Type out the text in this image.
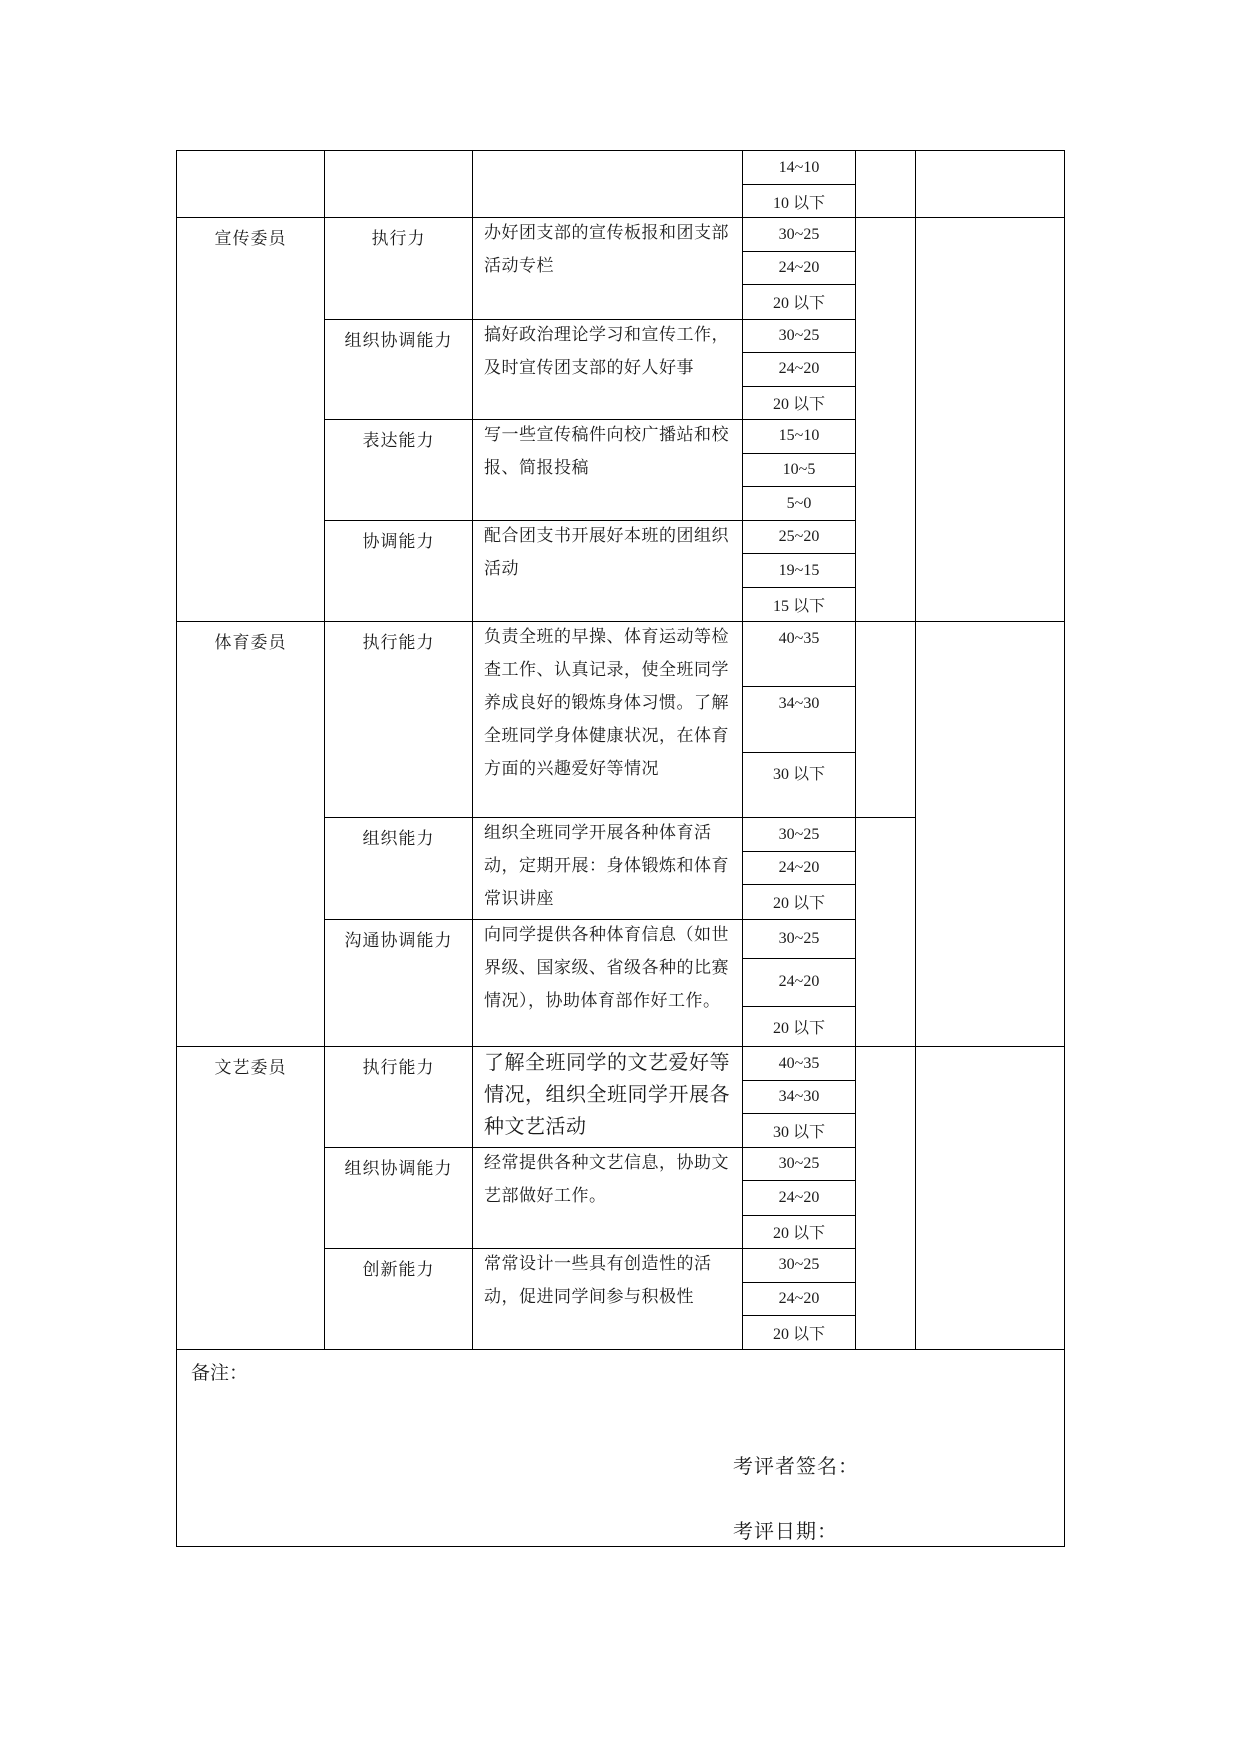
			14~10		
			10 以下		
宣传委员	执行力	办好团支部的宣传板报和团支部活动专栏	30~25		
			24~20		
			20 以下		
	组织协调能力	搞好政治理论学习和宣传工作，及时宣传团支部的好人好事	30~25		
			24~20		
			20 以下		
	表达能力	写一些宣传稿件向校广播站和校报、简报投稿	15~10		
			10~5		
			5~0		
	协调能力	配合团支书开展好本班的团组织活动	25~20		
			19~15		
			15 以下		
体育委员	执行能力	负责全班的早操、体育运动等检查工作、认真记录，使全班同学养成良好的锻炼身体习惯。了解全班同学身体健康状况，在体育方面的兴趣爱好等情况	40~35		
			34~30		
			30 以下		
	组织能力	组织全班同学开展各种体育活动，定期开展：身体锻炼和体育常识讲座	30~25		
			24~20		
			20 以下		
	沟通协调能力	向同学提供各种体育信息（如世界级、国家级、省级各种的比赛情况），协助体育部作好工作。	30~25		
			24~20		
			20 以下		
文艺委员	执行能力	了解全班同学的文艺爱好等情况，组织全班同学开展各种文艺活动	40~35		
			34~30		
			30 以下		
	组织协调能力	经常提供各种文艺信息，协助文艺部做好工作。	30~25		
			24~20		
			20 以下		
	创新能力	常常设计一些具有创造性的活动，促进同学间参与积极性	30~25		
			24~20		
			20 以下		

备注：
考评者签名：
考评日期：					
